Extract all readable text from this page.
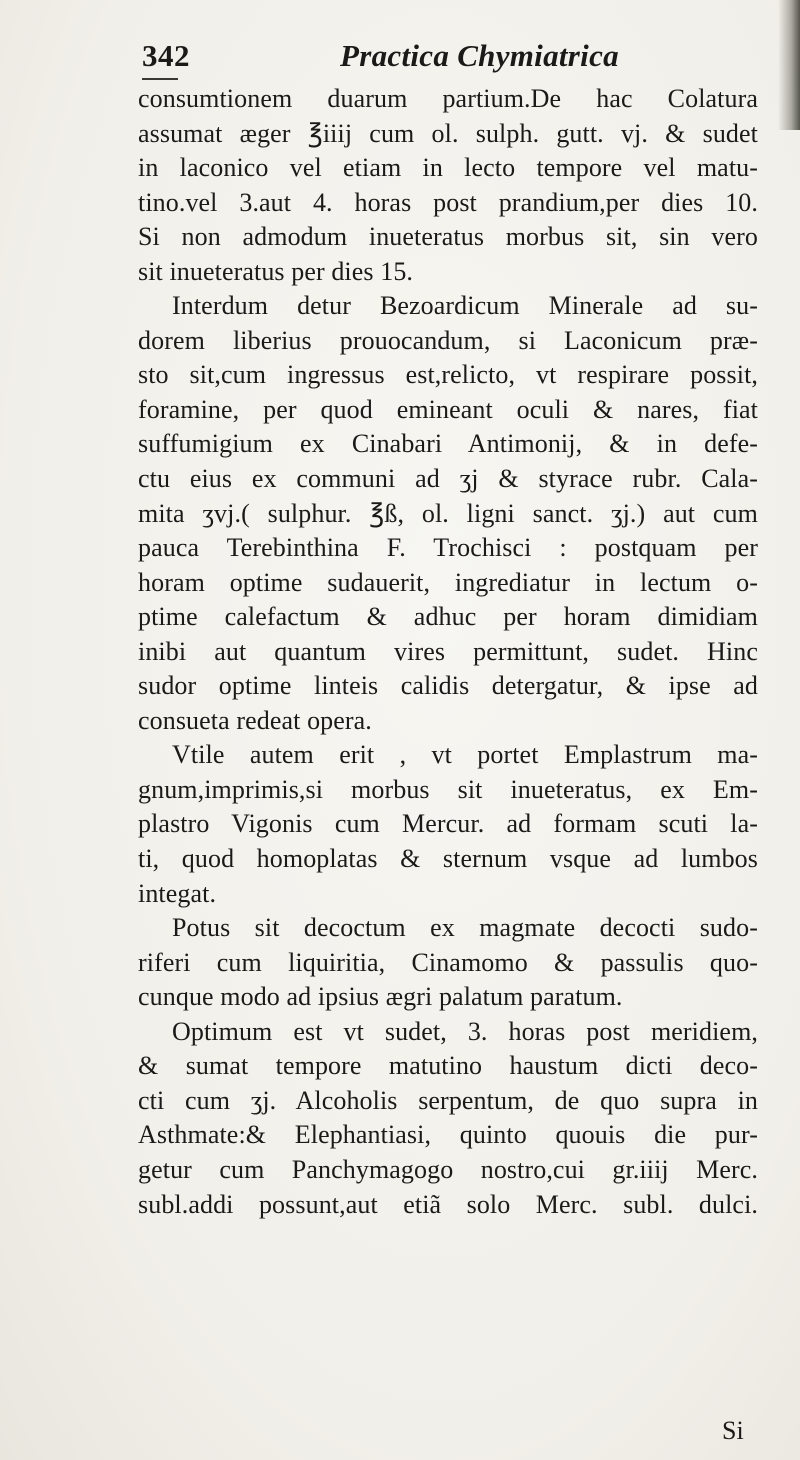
342	Practica Chymiatrica
consumtionem duarum partium.De hac Colatura
assumat æger ℥iiij cum ol. sulph. gutt. vj. & sudet
in laconico vel etiam in lecto tempore vel matu-
tino.vel 3.aut 4. horas post prandium,per dies 10.
Si non admodum inueteratus morbus sit, sin vero
sit inueteratus per dies 15.
Interdum detur Bezoardicum Minerale ad su-
dorem liberius prouocandum, si Laconicum præ-
sto sit,cum ingressus est,relicto, vt respirare possit,
foramine, per quod emineant oculi & nares, fiat
suffumigium ex Cinabari Antimonij, & in defe-
ctu eius ex communi ad ʒj & styrace rubr. Cala-
mita ʒvj.( sulphur. ℥ß, ol. ligni sanct. ʒj.) aut cum
pauca Terebinthina F. Trochisci : postquam per
horam optime sudauerit, ingrediatur in lectum o-
ptime calefactum & adhuc per horam dimidiam
inibi aut quantum vires permittunt, sudet. Hinc
sudor optime linteis calidis detergatur, & ipse ad
consueta redeat opera.
Vtile autem erit , vt portet Emplastrum ma-
gnum,imprimis,si morbus sit inueteratus, ex Em-
plastro Vigonis cum Mercur. ad formam scuti la-
ti, quod homoplatas & sternum vsque ad lumbos
integat.
Potus sit decoctum ex magmate decocti sudo-
riferi cum liquiritia, Cinamomo & passulis quo-
cunque modo ad ipsius ægri palatum paratum.
Optimum est vt sudet, 3. horas post meridiem,
& sumat tempore matutino haustum dicti deco-
cti cum ʒj. Alcoholis serpentum, de quo supra in
Asthmate:& Elephantiasi, quinto quouis die pur-
getur cum Panchymagogo nostro,cui gr.iiij Merc.
subl.addi possunt,aut etiã solo Merc. subl. dulci.
Si
